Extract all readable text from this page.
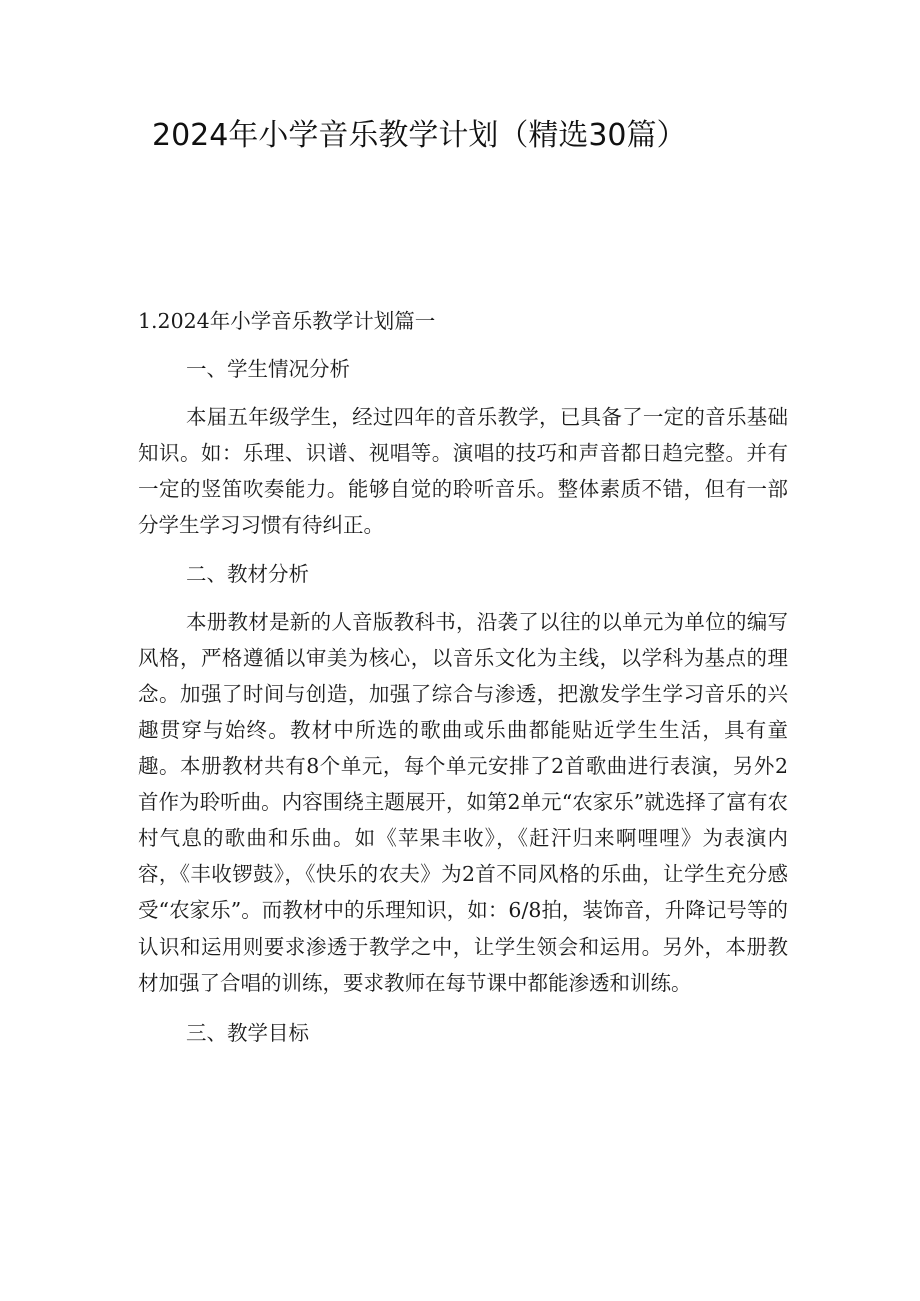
2024年小学音乐教学计划（精选30篇）
1.2024年小学音乐教学计划篇一
一、学生情况分析

本届五年级学生，经过四年的音乐教学，已具备了一定的音乐基础知识。如：乐理、识谱、视唱等。演唱的技巧和声音都日趋完整。并有一定的竖笛吹奏能力。能够自觉的聆听音乐。整体素质不错，但有一部分学生学习习惯有待纠正。

二、教材分析

本册教材是新的人音版教科书，沿袭了以往的以单元为单位的编写风格，严格遵循以审美为核心，以音乐文化为主线，以学科为基点的理念。加强了时间与创造，加强了综合与渗透，把激发学生学习音乐的兴趣贯穿与始终。教材中所选的歌曲或乐曲都能贴近学生生活，具有童趣。本册教材共有8个单元，每个单元安排了2首歌曲进行表演，另外2首作为聆听曲。内容围绕主题展开，如第2单元“农家乐”就选择了富有农村气息的歌曲和乐曲。如《苹果丰收》，《赶汗归来啊哩哩》为表演内容，《丰收锣鼓》，《快乐的农夫》为2首不同风格的乐曲，让学生充分感受“农家乐”。而教材中的乐理知识，如：6/8拍，装饰音，升降记号等的认识和运用则要求渗透于教学之中，让学生领会和运用。另外，本册教材加强了合唱的训练，要求教师在每节课中都能渗透和训练。

三、教学目标
